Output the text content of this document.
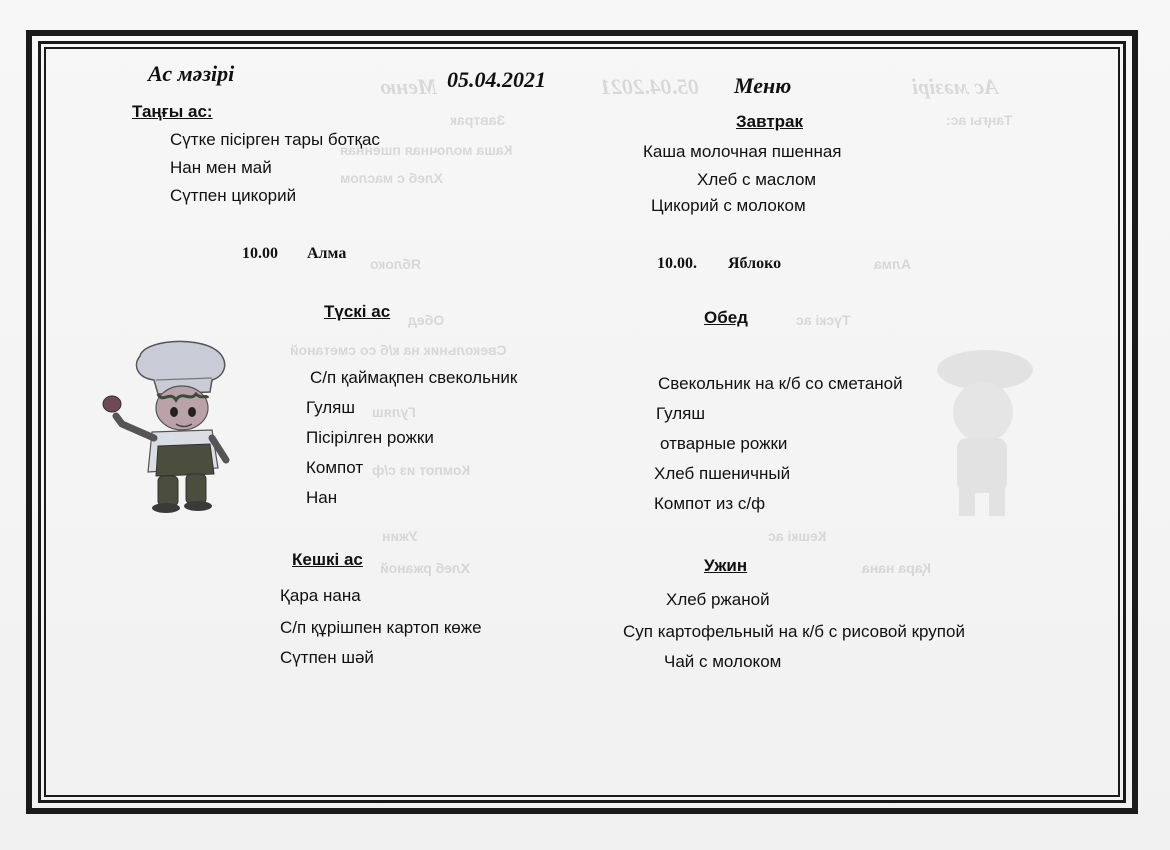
Ас мәзірі
05.04.2021
Меню
Таңғы ас:
Завтрак
Каша молочная пшенная
Хлеб с маслом
Алма
Яблоко
Түскі ас
Обед
Свекольник на к/б со сметаной
Гуляш
Компот из с/ф
Кешкі ас
Ужин
Хлеб ржаной	Қара нана
Ас мәзірі	05.04.2021	Меню
Таңғы ас:
Сүтке пісірген тары ботқас
Нан мен май
Сүтпен цикорий
10.00 Алма
Түскі ас
С/п қаймақпен свекольник
Гуляш
Пісірілген рожки
Компот
Нан
Кешкі ас
Қара нана
С/п құрішпен картоп көже
Сүтпен шәй
Завтрак
Каша молочная пшенная
Хлеб с маслом
Цикорий с молоком
10.00. Яблоко
Обед
Свекольник на к/б со сметаной
Гуляш
отварные рожки
Хлеб пшеничный
Компот из с/ф
Ужин
Хлеб ржаной
Суп картофельный на к/б с рисовой крупой
Чай с молоком
